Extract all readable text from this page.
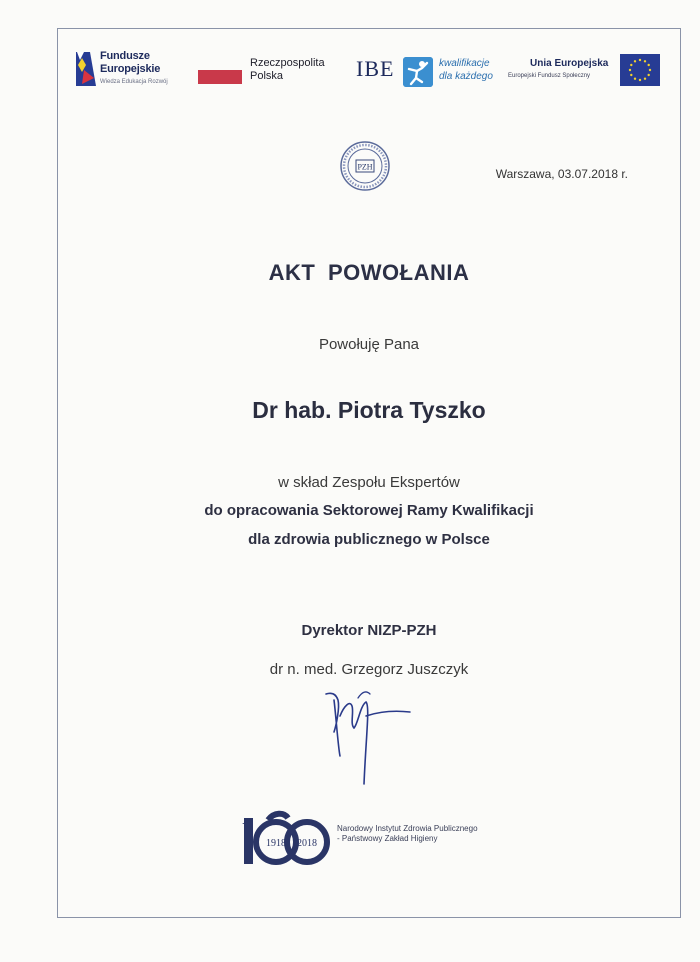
Fundusze
Europejskie
Wiedza Edukacja Rozwój
Rzeczpospolita
Polska	IBE	kwalifikacje
dla każdego
Unia Europejska
Europejski Fundusz Społeczny
PZH	Warszawa, 03.07.2018 r.
AKT POWOŁANIA
Powołuję Pana
Dr hab. Piotra Tyszko
w skład Zespołu Ekspertów
do opracowania Sektorowej Ramy Kwalifikacji
dla zdrowia publicznego w Polsce
Dyrektor NIZP-PZH
dr n. med. Grzegorz Juszczyk
1918 2018
Narodowy Instytut Zdrowia Publicznego
- Państwowy Zakład Higieny
